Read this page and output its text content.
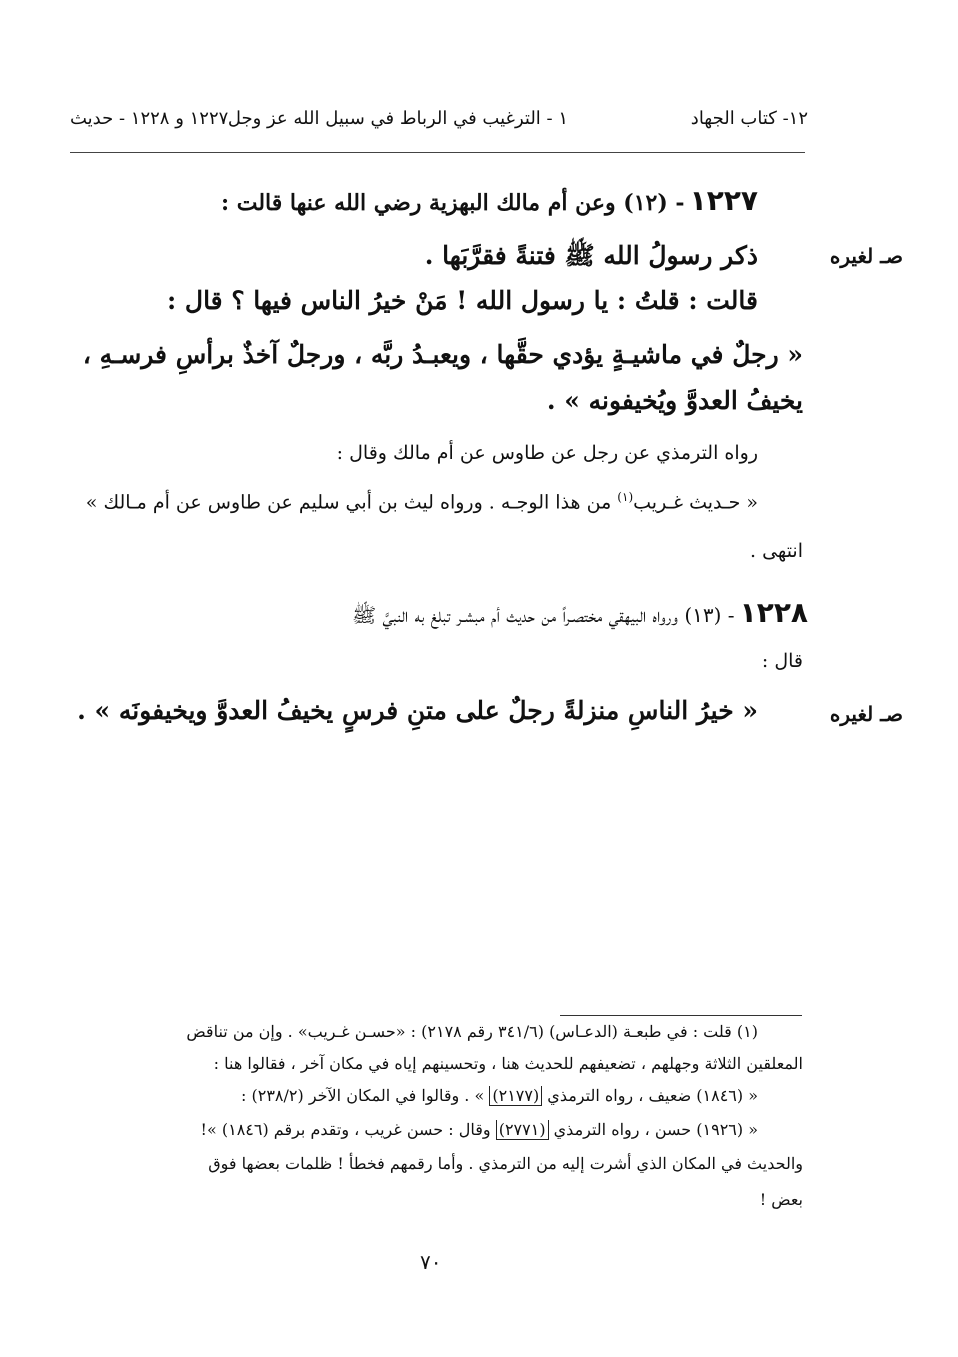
١٢- كتاب الجهاد
١ - الترغيب في الرباط في سبيل الله عز وجل
١٢٢٧ و ١٢٢٨ - حديث
١٢٢٧ - (١٢) وعن أم مالك البهزية رضي الله عنها قالت :
صـ لغيره
ذكر رسولُ الله ﷺ فتنةً فقرَّبَها .
قالت : قلتُ : يا رسول الله ! مَنْ خيرُ الناس فيها ؟ قال :
« رجلٌ في ماشيـةٍ يؤدي حقَّها ، ويعبـدُ ربَّه ، ورجلٌ آخذٌ برأسِ فرسـهِ ،
يخيفُ العدوَّ ويُخيفونه » .
رواه الترمذي عن رجل عن طاوس عن أم مالك وقال :
« حـديث غـريب$^{(١)}$ من هذا الوجـه . ورواه ليث بن أبي سليم عن طاوس عن أم مـالك »
انتهى .
١٢٢٨ - (١٣) ورواه البيهقي مختصـراً من حديث أم مبشـر تبلغ به النبيَّ ﷺ
قال :
صـ لغيره
« خيرُ الناسِ منزلةً رجلٌ على متنِ فرسٍ يخيفُ العدوَّ ويخيفونَه » .
(١) قلت : في طبعـة (الدعـاس) (٣٤١/٦ رقم ٢١٧٨) : «حسـن غـريب» . وإن من تناقض
المعلقين الثلاثة وجهلهم ، تضعيفهم للحديث هنا ، وتحسينهم إياه في مكان آخر ، فقالوا هنا :
« (١٨٤٦) ضعيف ، رواه الترمذي (٢١٧٧) » . وقالوا في المكان الآخر (٢٣٨/٢) :
« (١٩٢٦) حسن ، رواه الترمذي (٢٧٧١) وقال : حسن غريب ، وتقدم برقم (١٨٤٦) »!
والحديث في المكان الذي أشرت إليه من الترمذي . وأما رقمهم فخطأ ! ظلمات بعضها فوق
بعض !
٧٠
